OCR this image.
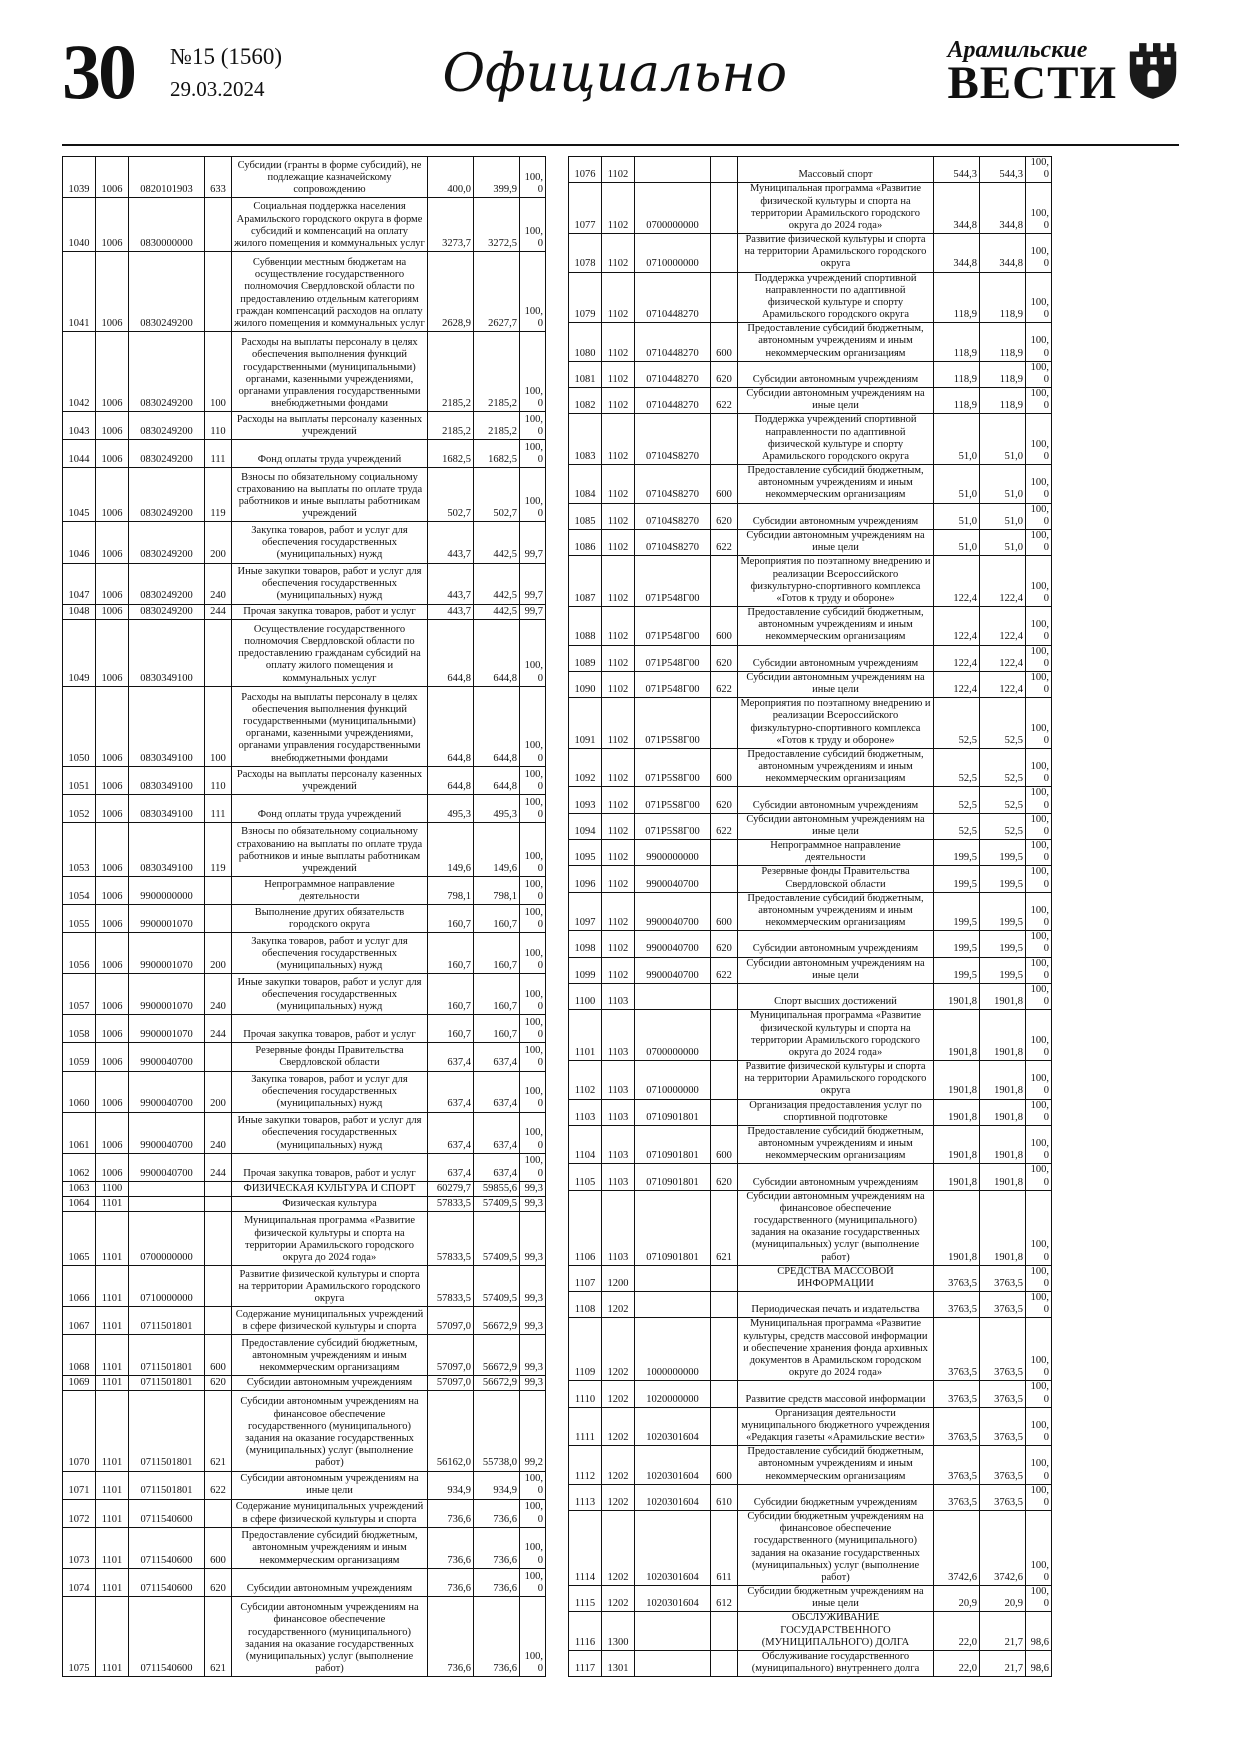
30 №15 (1560)
29.03.2024	Официально	Арамильские
ВЕСТИ
1039	1006	0820101903	633	Субсидии (гранты в форме субсидий), не подлежащие казначейскому сопровождению	400,0	399,9	100,0
1040	1006	0830000000		Социальная поддержка населения Арамильского городского округа в форме субсидий и компенсаций на оплату жилого помещения и коммунальных услуг	3273,7	3272,5	100,0
1041	1006	0830249200		Субвенции местным бюджетам на осуществление государственного полномочия Свердловской области по предоставлению отдельным категориям граждан компенсаций расходов на оплату жилого помещения и коммунальных услуг	2628,9	2627,7	100,0
1042	1006	0830249200	100	Расходы на выплаты персоналу в целях обеспечения выполнения функций государственными (муниципальными) органами, казенными учреждениями, органами управления государственными внебюджетными фондами	2185,2	2185,2	100,0
1043	1006	0830249200	110	Расходы на выплаты персоналу казенных учреждений	2185,2	2185,2	100,0
1044	1006	0830249200	111	Фонд оплаты труда учреждений	1682,5	1682,5	100,0
1045	1006	0830249200	119	Взносы по обязательному социальному страхованию на выплаты по оплате труда работников и иные выплаты работникам учреждений	502,7	502,7	100,0
1046	1006	0830249200	200	Закупка товаров, работ и услуг для обеспечения государственных (муниципальных) нужд	443,7	442,5	99,7
1047	1006	0830249200	240	Иные закупки товаров, работ и услуг для обеспечения государственных (муниципальных) нужд	443,7	442,5	99,7
1048	1006	0830249200	244	Прочая закупка товаров, работ и услуг	443,7	442,5	99,7
1049	1006	0830349100		Осуществление государственного полномочия Свердловской области по предоставлению гражданам субсидий на оплату жилого помещения и коммунальных услуг	644,8	644,8	100,0
1050	1006	0830349100	100	Расходы на выплаты персоналу в целях обеспечения выполнения функций государственными (муниципальными) органами, казенными учреждениями, органами управления государственными внебюджетными фондами	644,8	644,8	100,0
1051	1006	0830349100	110	Расходы на выплаты персоналу казенных учреждений	644,8	644,8	100,0
1052	1006	0830349100	111	Фонд оплаты труда учреждений	495,3	495,3	100,0
1053	1006	0830349100	119	Взносы по обязательному социальному страхованию на выплаты по оплате труда работников и иные выплаты работникам учреждений	149,6	149,6	100,0
1054	1006	9900000000		Непрограммное направление деятельности	798,1	798,1	100,0
1055	1006	9900001070		Выполнение других обязательств городского округа	160,7	160,7	100,0
1056	1006	9900001070	200	Закупка товаров, работ и услуг для обеспечения государственных (муниципальных) нужд	160,7	160,7	100,0
1057	1006	9900001070	240	Иные закупки товаров, работ и услуг для обеспечения государственных (муниципальных) нужд	160,7	160,7	100,0
1058	1006	9900001070	244	Прочая закупка товаров, работ и услуг	160,7	160,7	100,0
1059	1006	9900040700		Резервные фонды Правительства Свердловской области	637,4	637,4	100,0
1060	1006	9900040700	200	Закупка товаров, работ и услуг для обеспечения государственных (муниципальных) нужд	637,4	637,4	100,0
1061	1006	9900040700	240	Иные закупки товаров, работ и услуг для обеспечения государственных (муниципальных) нужд	637,4	637,4	100,0
1062	1006	9900040700	244	Прочая закупка товаров, работ и услуг	637,4	637,4	100,0
1063	1100			ФИЗИЧЕСКАЯ КУЛЬТУРА И СПОРТ	60279,7	59855,6	99,3
1064	1101			Физическая культура	57833,5	57409,5	99,3
1065	1101	0700000000		Муниципальная программа «Развитие физической культуры и спорта на территории Арамильского городского округа до 2024 года»	57833,5	57409,5	99,3
1066	1101	0710000000		Развитие физической культуры и спорта на территории Арамильского городского округа	57833,5	57409,5	99,3
1067	1101	0711501801		Содержание муниципальных учреждений в сфере физической культуры и спорта	57097,0	56672,9	99,3
1068	1101	0711501801	600	Предоставление субсидий бюджетным, автономным учреждениям и иным некоммерческим организациям	57097,0	56672,9	99,3
1069	1101	0711501801	620	Субсидии автономным учреждениям	57097,0	56672,9	99,3
1070	1101	0711501801	621	Субсидии автономным учреждениям на финансовое обеспечение государственного (муниципального) задания на оказание государственных (муниципальных) услуг (выполнение работ)	56162,0	55738,0	99,2
1071	1101	0711501801	622	Субсидии автономным учреждениям на иные цели	934,9	934,9	100,0
1072	1101	0711540600		Содержание муниципальных учреждений в сфере физической культуры и спорта	736,6	736,6	100,0
1073	1101	0711540600	600	Предоставление субсидий бюджетным, автономным учреждениям и иным некоммерческим организациям	736,6	736,6	100,0
1074	1101	0711540600	620	Субсидии автономным учреждениям	736,6	736,6	100,0
1075	1101	0711540600	621	Субсидии автономным учреждениям на финансовое обеспечение государственного (муниципального) задания на оказание государственных (муниципальных) услуг (выполнение работ)	736,6	736,6	100,0
1076	1102			Массовый спорт	544,3	544,3	100,0
1077	1102	0700000000		Муниципальная программа «Развитие физической культуры и спорта на территории Арамильского городского округа до 2024 года»	344,8	344,8	100,0
1078	1102	0710000000		Развитие физической культуры и спорта на территории Арамильского городского округа	344,8	344,8	100,0
1079	1102	0710448270		Поддержка учреждений спортивной направленности по адаптивной физической культуре и спорту Арамильского городского округа	118,9	118,9	100,0
1080	1102	0710448270	600	Предоставление субсидий бюджетным, автономным учреждениям и иным некоммерческим организациям	118,9	118,9	100,0
1081	1102	0710448270	620	Субсидии автономным учреждениям	118,9	118,9	100,0
1082	1102	0710448270	622	Субсидии автономным учреждениям на иные цели	118,9	118,9	100,0
1083	1102	07104S8270		Поддержка учреждений спортивной направленности по адаптивной физической культуре и спорту Арамильского городского округа	51,0	51,0	100,0
1084	1102	07104S8270	600	Предоставление субсидий бюджетным, автономным учреждениям и иным некоммерческим организациям	51,0	51,0	100,0
1085	1102	07104S8270	620	Субсидии автономным учреждениям	51,0	51,0	100,0
1086	1102	07104S8270	622	Субсидии автономным учреждениям на иные цели	51,0	51,0	100,0
1087	1102	071P548Г00		Мероприятия по поэтапному внедрению и реализации Всероссийского физкультурно-спортивного комплекса «Готов к труду и обороне»	122,4	122,4	100,0
1088	1102	071P548Г00	600	Предоставление субсидий бюджетным, автономным учреждениям и иным некоммерческим организациям	122,4	122,4	100,0
1089	1102	071P548Г00	620	Субсидии автономным учреждениям	122,4	122,4	100,0
1090	1102	071P548Г00	622	Субсидии автономным учреждениям на иные цели	122,4	122,4	100,0
1091	1102	071P5S8Г00		Мероприятия по поэтапному внедрению и реализации Всероссийского физкультурно-спортивного комплекса «Готов к труду и обороне»	52,5	52,5	100,0
1092	1102	071P5S8Г00	600	Предоставление субсидий бюджетным, автономным учреждениям и иным некоммерческим организациям	52,5	52,5	100,0
1093	1102	071P5S8Г00	620	Субсидии автономным учреждениям	52,5	52,5	100,0
1094	1102	071P5S8Г00	622	Субсидии автономным учреждениям на иные цели	52,5	52,5	100,0
1095	1102	9900000000		Непрограммное направление деятельности	199,5	199,5	100,0
1096	1102	9900040700		Резервные фонды Правительства Свердловской области	199,5	199,5	100,0
1097	1102	9900040700	600	Предоставление субсидий бюджетным, автономным учреждениям и иным некоммерческим организациям	199,5	199,5	100,0
1098	1102	9900040700	620	Субсидии автономным учреждениям	199,5	199,5	100,0
1099	1102	9900040700	622	Субсидии автономным учреждениям на иные цели	199,5	199,5	100,0
1100	1103			Спорт высших достижений	1901,8	1901,8	100,0
1101	1103	0700000000		Муниципальная программа «Развитие физической культуры и спорта на территории Арамильского городского округа до 2024 года»	1901,8	1901,8	100,0
1102	1103	0710000000		Развитие физической культуры и спорта на территории Арамильского городского округа	1901,8	1901,8	100,0
1103	1103	0710901801		Организация предоставления услуг по спортивной подготовке	1901,8	1901,8	100,0
1104	1103	0710901801	600	Предоставление субсидий бюджетным, автономным учреждениям и иным некоммерческим организациям	1901,8	1901,8	100,0
1105	1103	0710901801	620	Субсидии автономным учреждениям	1901,8	1901,8	100,0
1106	1103	0710901801	621	Субсидии автономным учреждениям на финансовое обеспечение государственного (муниципального) задания на оказание государственных (муниципальных) услуг (выполнение работ)	1901,8	1901,8	100,0
1107	1200			СРЕДСТВА МАССОВОЙ ИНФОРМАЦИИ	3763,5	3763,5	100,0
1108	1202			Периодическая печать и издательства	3763,5	3763,5	100,0
1109	1202	1000000000		Муниципальная программа «Развитие культуры, средств массовой информации и обеспечение хранения фонда архивных документов в Арамильском городском округе до 2024 года»	3763,5	3763,5	100,0
1110	1202	1020000000		Развитие средств массовой информации	3763,5	3763,5	100,0
1111	1202	1020301604		Организация деятельности муниципального бюджетного учреждения «Редакция газеты «Арамильские вести»	3763,5	3763,5	100,0
1112	1202	1020301604	600	Предоставление субсидий бюджетным, автономным учреждениям и иным некоммерческим организациям	3763,5	3763,5	100,0
1113	1202	1020301604	610	Субсидии бюджетным учреждениям	3763,5	3763,5	100,0
1114	1202	1020301604	611	Субсидии бюджетным учреждениям на финансовое обеспечение государственного (муниципального) задания на оказание государственных (муниципальных) услуг (выполнение работ)	3742,6	3742,6	100,0
1115	1202	1020301604	612	Субсидии бюджетным учреждениям на иные цели	20,9	20,9	100,0
1116	1300			ОБСЛУЖИВАНИЕ ГОСУДАРСТВЕННОГО (МУНИЦИПАЛЬНОГО) ДОЛГА	22,0	21,7	98,6
1117	1301			Обслуживание государственного (муниципального) внутреннего долга	22,0	21,7	98,6
